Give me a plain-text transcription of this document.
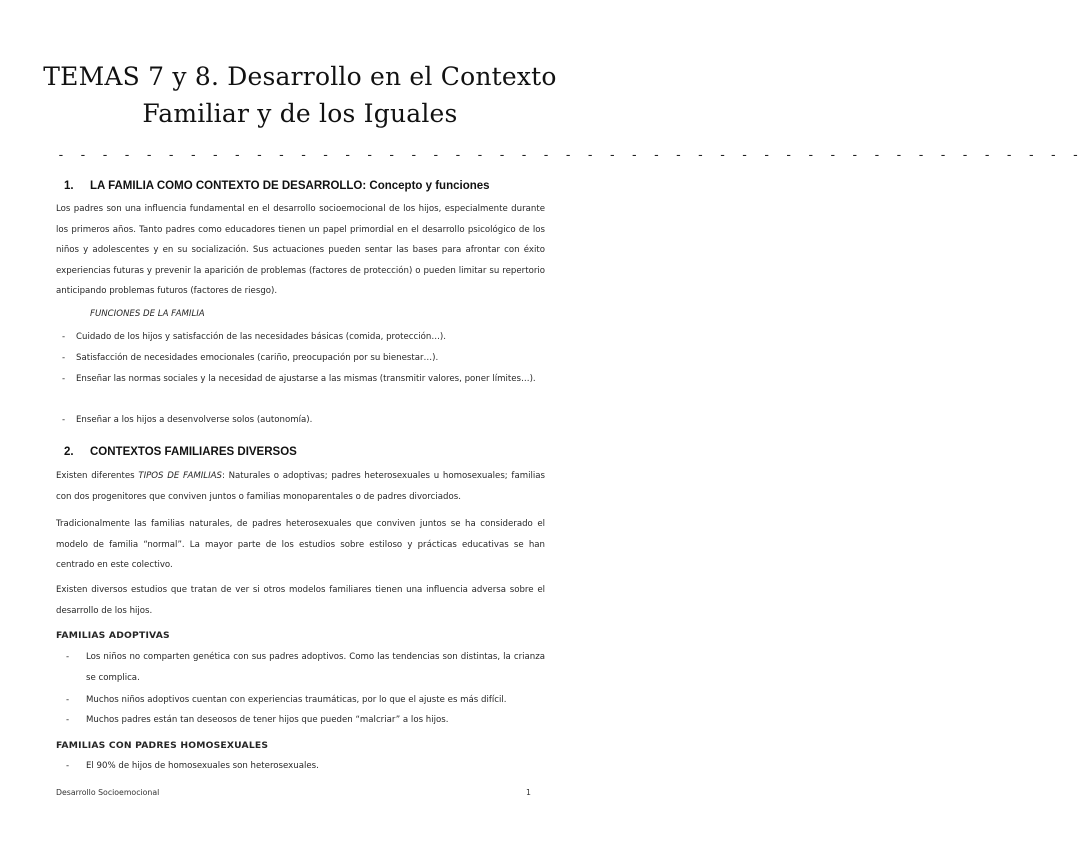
TEMAS 7 y 8. Desarrollo en el Contexto Familiar y de los Iguales
- - - - - - - - - - - - - - - - - - - - - - - - - - - - - - - - - - - - - - - - - - - - - - -
1. LA FAMILIA COMO CONTEXTO DE DESARROLLO: Concepto y funciones
Los padres son una influencia fundamental en el desarrollo socioemocional de los hijos, especialmente durante los primeros años. Tanto padres como educadores tienen un papel primordial en el desarrollo psicológico de los niños y adolescentes y en su socialización. Sus actuaciones pueden sentar las bases para afrontar con éxito experiencias futuras y prevenir la aparición de problemas (factores de protección) o pueden limitar su repertorio anticipando problemas futuros (factores de riesgo).
FUNCIONES DE LA FAMILIA
- Cuidado de los hijos y satisfacción de las necesidades básicas (comida, protección…).
- Satisfacción de necesidades emocionales (cariño, preocupación por su bienestar…).
- Enseñar las normas sociales y la necesidad de ajustarse a las mismas (transmitir valores, poner límites…).
- Enseñar a los hijos a desenvolverse solos (autonomía).
2. CONTEXTOS FAMILIARES DIVERSOS
Existen diferentes TIPOS DE FAMILIAS: Naturales o adoptivas; padres heterosexuales u homosexuales; familias con dos progenitores que conviven juntos o familias monoparentales o de padres divorciados.
Tradicionalmente las familias naturales, de padres heterosexuales que conviven juntos se ha considerado el modelo de familia “normal”. La mayor parte de los estudios sobre estiloso y prácticas educativas se han centrado en este colectivo.
Existen diversos estudios que tratan de ver si otros modelos familiares tienen una influencia adversa sobre el desarrollo de los hijos.
FAMILIAS ADOPTIVAS
- Los niños no comparten genética con sus padres adoptivos. Como las tendencias son distintas, la crianza se complica.
- Muchos niños adoptivos cuentan con experiencias traumáticas, por lo que el ajuste es más difícil.
- Muchos padres están tan deseosos de tener hijos que pueden “malcriar” a los hijos.
FAMILIAS CON PADRES HOMOSEXUALES
- El 90% de hijos de homosexuales son heterosexuales.
Desarrollo Socioemocional	1
